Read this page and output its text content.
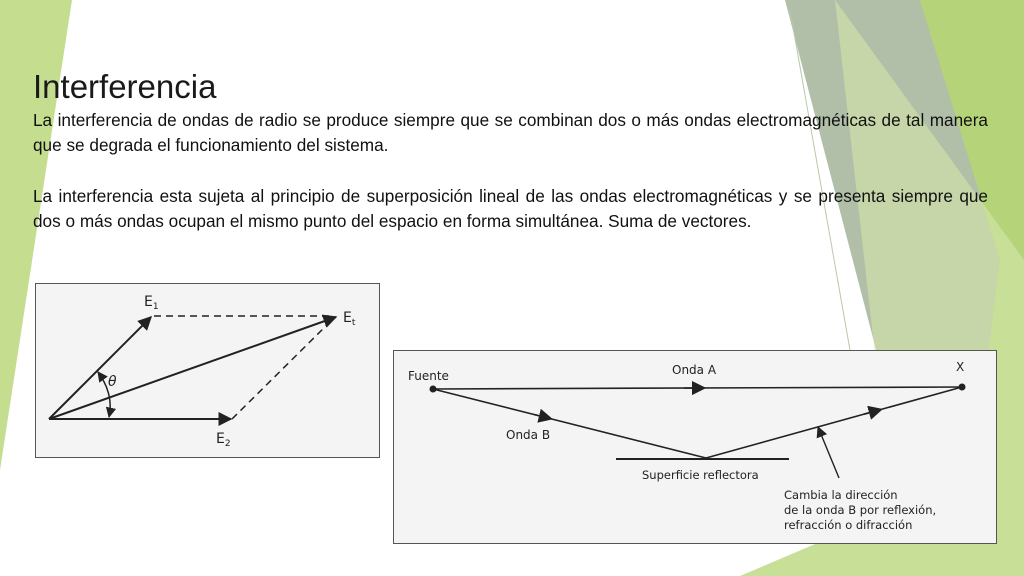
Interferencia

La interferencia de ondas de radio se produce siempre que se combinan dos o más ondas electromagnéticas de tal manera que se degrada el funcionamiento del sistema.

La interferencia esta sujeta al principio de superposición lineal de las ondas electromagnéticas y se presenta siempre que dos o más ondas ocupan el mismo punto del espacio en forma simultánea. Suma de vectores.

θ
$E_1$
$E_t$
$E_2$
Fuente	Onda A	X
Onda B
Superficie reflectora
Cambia la dirección
de la onda B por reflexión,
refracción o difracción
